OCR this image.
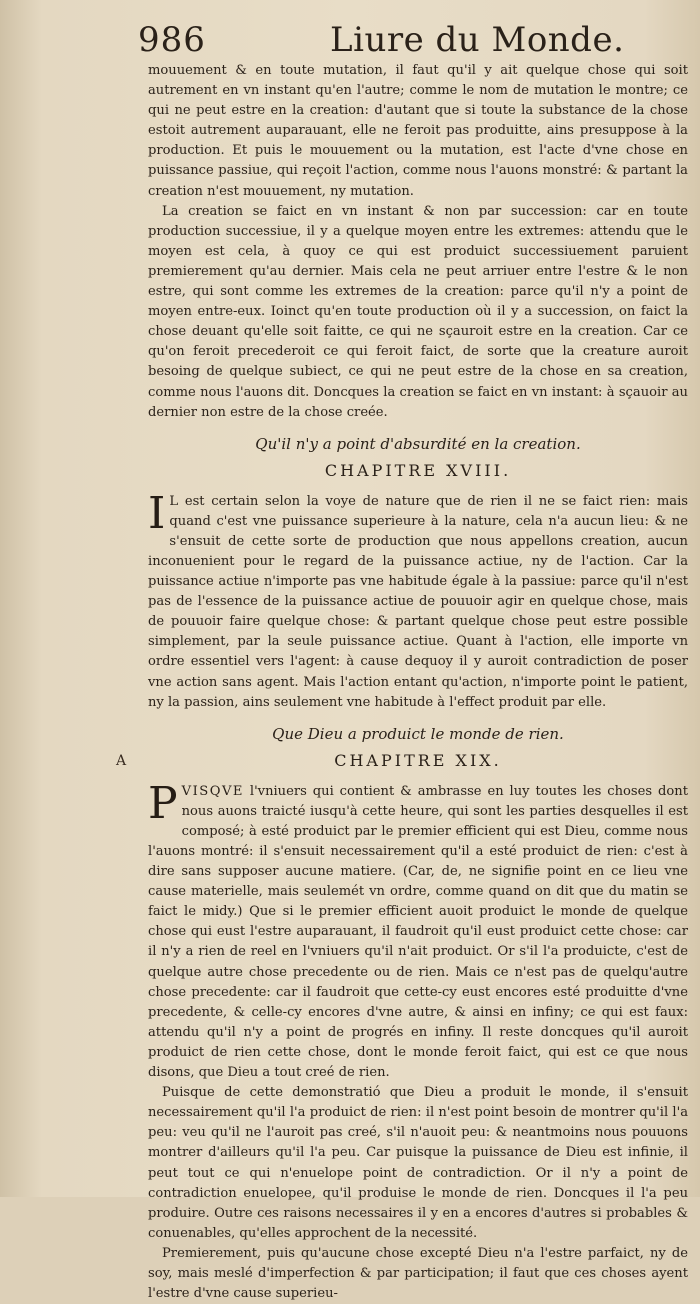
986	Liure du Monde.
A

mouuement & en toute mutation, il faut qu'il y ait quelque chose qui soit autrement en vn instant qu'en l'autre; comme le nom de mutation le montre; ce qui ne peut estre en la creation: d'autant que si toute la substance de la chose estoit autrement auparauant, elle ne feroit pas produitte, ains presuppose à la production. Et puis le mouuement ou la mutation, est l'acte d'vne chose en puissance passiue, qui reçoit l'action, comme nous l'auons monstré: & partant la creation n'est mouuement, ny mutation.

La creation se faict en vn instant & non par succession: car en toute production successiue, il y a quelque moyen entre les extremes: attendu que le moyen est cela, à quoy ce qui est produict successiuement paruient premierement qu'au dernier. Mais cela ne peut arriuer entre l'estre & le non estre, qui sont comme les extremes de la creation: parce qu'il n'y a point de moyen entre-eux. Ioinct qu'en toute production où il y a succession, on faict la chose deuant qu'elle soit faitte, ce qui ne sçauroit estre en la creation. Car ce qu'on feroit precederoit ce qui feroit faict, de sorte que la creature auroit besoing de quelque subiect, ce qui ne peut estre de la chose en sa creation, comme nous l'auons dit. Doncques la creation se faict en vn instant: à sçauoir au dernier non estre de la chose creée.

Qu'il n'y a point d'absurdité en la creation.

CHAPITRE XVIII.

I L est certain selon la voye de nature que de rien il ne se faict rien: mais quand c'est vne puissance superieure à la nature, cela n'a aucun lieu: & ne s'ensuit de cette sorte de production que nous appellons creation, aucun inconuenient pour le regard de la puissance actiue, ny de l'action. Car la puissance actiue n'importe pas vne habitude égale à la passiue: parce qu'il n'est pas de l'essence de la puissance actiue de pouuoir agir en quelque chose, mais de pouuoir faire quelque chose: & partant quelque chose peut estre possible simplement, par la seule puissance actiue. Quant à l'action, elle importe vn ordre essentiel vers l'agent: à cause dequoy il y auroit contradiction de poser vne action sans agent. Mais l'action entant qu'action, n'importe point le patient, ny la passion, ains seulement vne habitude à l'effect produit par elle.

Que Dieu a produict le monde de rien.

CHAPITRE XIX.

PVISQVE l'vniuers qui contient & ambrasse en luy toutes les choses dont nous auons traicté iusqu'à cette heure, qui sont les parties desquelles il est composé; à esté produict par le premier efficient qui est Dieu, comme nous l'auons montré: il s'ensuit necessairement qu'il a esté produict de rien: c'est à dire sans supposer aucune matiere. (Car, de, ne signifie point en ce lieu vne cause materielle, mais seulemét vn ordre, comme quand on dit que du matin se faict le midy.) Que si le premier efficient auoit produict le monde de quelque chose qui eust l'estre auparauant, il faudroit qu'il eust produict cette chose: car il n'y a rien de reel en l'vniuers qu'il n'ait produict. Or s'il l'a produicte, c'est de quelque autre chose precedente ou de rien. Mais ce n'est pas de quelqu'autre chose precedente: car il faudroit que cette-cy eust encores esté produitte d'vne precedente, & celle-cy encores d'vne autre, & ainsi en infiny; ce qui est faux: attendu qu'il n'y a point de progrés en infiny. Il reste doncques qu'il auroit produict de rien cette chose, dont le monde feroit faict, qui est ce que nous disons, que Dieu a tout creé de rien.

Puisque de cette demonstratió que Dieu a produit le monde, il s'ensuit necessairement qu'il l'a produict de rien: il n'est point besoin de montrer qu'il l'a peu: veu qu'il ne l'auroit pas creé, s'il n'auoit peu: & neantmoins nous pouuons montrer d'ailleurs qu'il l'a peu. Car puisque la puissance de Dieu est infinie, il peut tout ce qui n'enuelope point de contradiction. Or il n'y a point de contradiction enuelopee, qu'il produise le monde de rien. Doncques il l'a peu produire. Outre ces raisons necessaires il y en a encores d'autres si probables & conuenables, qu'elles approchent de la necessité.

Premierement, puis qu'aucune chose excepté Dieu n'a l'estre parfaict, ny de soy, mais meslé d'imperfection & par participation; il faut que ces choses ayent l'estre d'vne cause superieu-
